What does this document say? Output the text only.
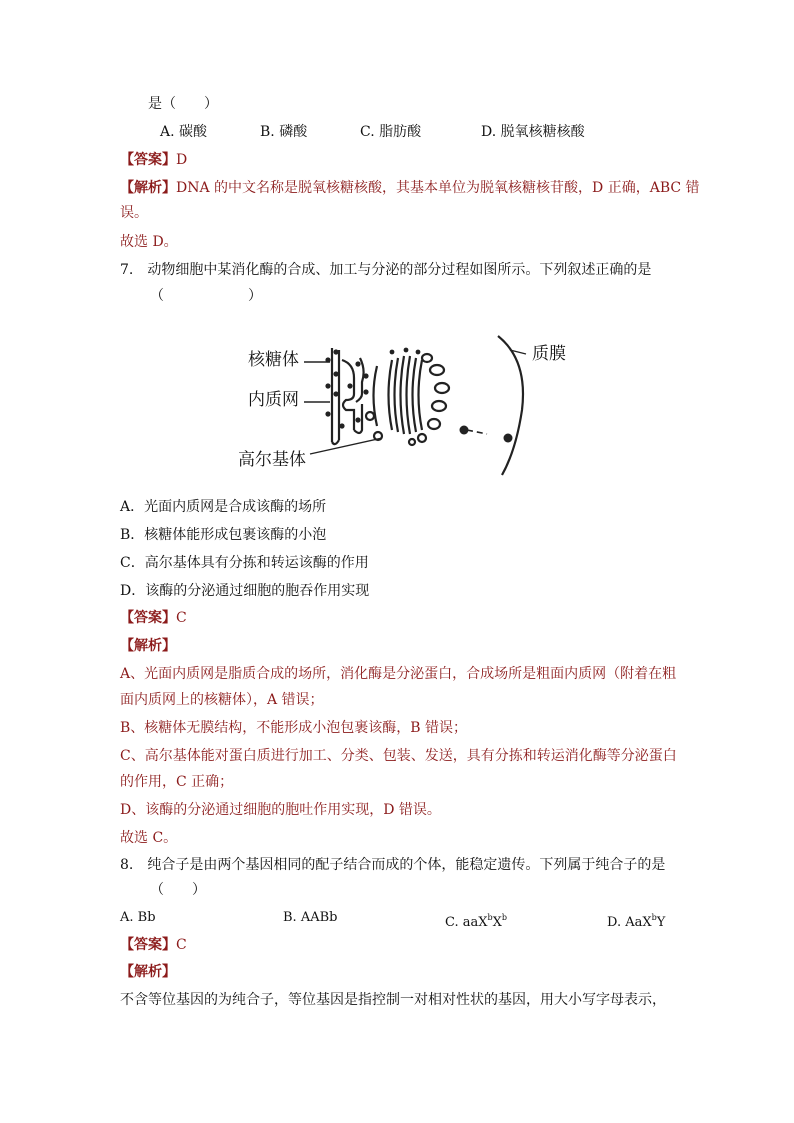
是（　　）
A. 碳酸	B. 磷酸	C. 脂肪酸	D. 脱氧核糖核酸
【答案】D
【解析】DNA 的中文名称是脱氧核糖核酸，其基本单位为脱氧核糖核苷酸，D 正确，ABC 错
误。
故选 D。
7. 动物细胞中某消化酶的合成、加工与分泌的部分过程如图所示。下列叙述正确的是
（　　　　　　）
核糖体
内质网
高尔基体
质膜
A．光面内质网是合成该酶的场所
B．核糖体能形成包裹该酶的小泡
C．高尔基体具有分拣和转运该酶的作用
D．该酶的分泌通过细胞的胞吞作用实现
【答案】C
【解析】
A、光面内质网是脂质合成的场所，消化酶是分泌蛋白，合成场所是粗面内质网（附着在粗
面内质网上的核糖体），A 错误；
B、核糖体无膜结构，不能形成小泡包裹该酶，B 错误；
C、高尔基体能对蛋白质进行加工、分类、包装、发送，具有分拣和转运消化酶等分泌蛋白
的作用，C 正确；
D、该酶的分泌通过细胞的胞吐作用实现，D 错误。
故选 C。
8. 纯合子是由两个基因相同的配子结合而成的个体，能稳定遗传。下列属于纯合子的是
（　　）
A. Bb	B. AABb	C. $aaX^bX^b$	D. AaX$^b$Y
【答案】C
【解析】
不含等位基因的为纯合子，等位基因是指控制一对相对性状的基因，用大小写字母表示，
